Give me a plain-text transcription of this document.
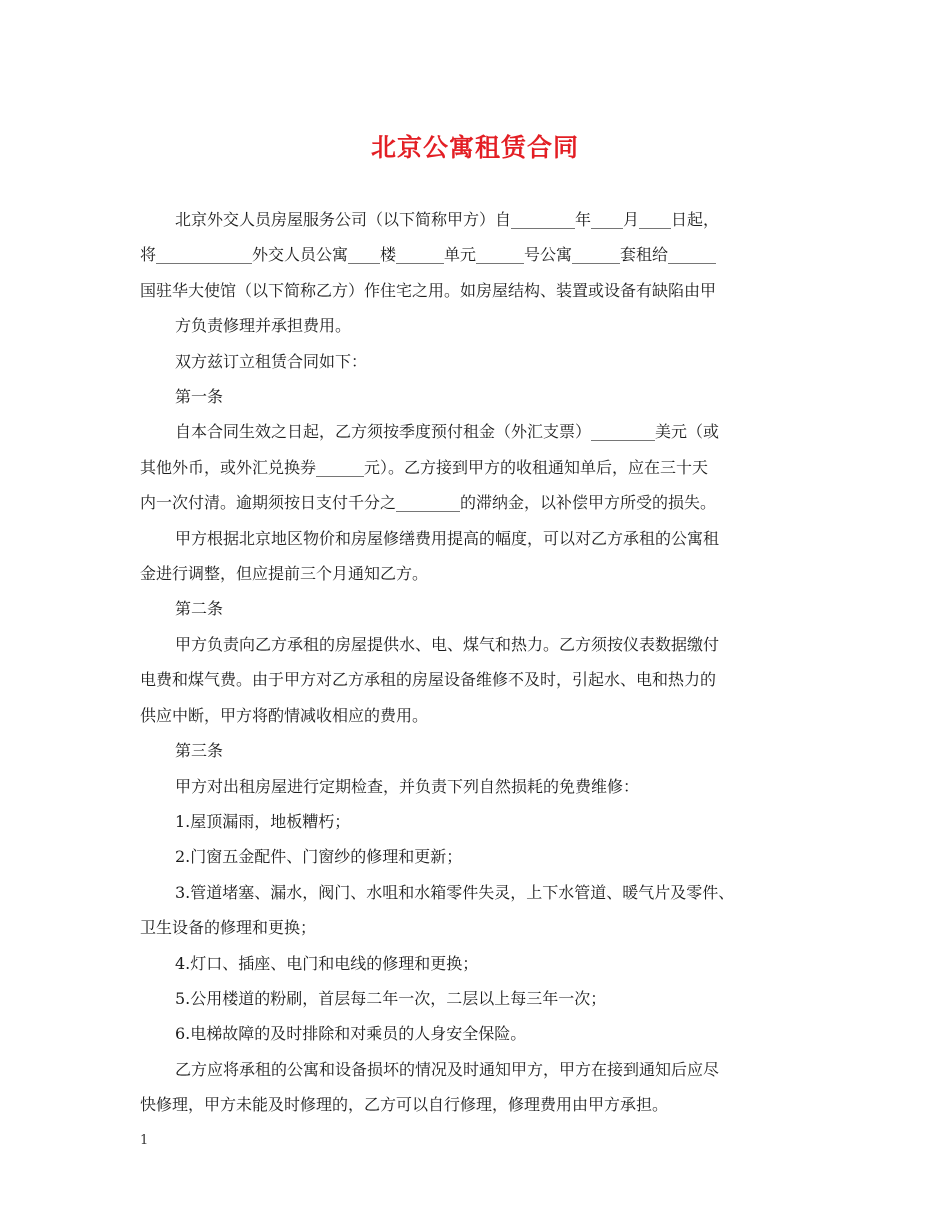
北京公寓租赁合同

北京外交人员房屋服务公司（以下简称甲方）自________年____月____日起，

将____________外交人员公寓____楼______单元______号公寓______套租给______

国驻华大使馆（以下简称乙方）作住宅之用。如房屋结构、装置或设备有缺陷由甲

方负责修理并承担费用。

双方兹订立租赁合同如下：

第一条

自本合同生效之日起，乙方须按季度预付租金（外汇支票）________美元（或

其他外币，或外汇兑换券______元）。乙方接到甲方的收租通知单后，应在三十天

内一次付清。逾期须按日支付千分之________的滞纳金，以补偿甲方所受的损失。

甲方根据北京地区物价和房屋修缮费用提高的幅度，可以对乙方承租的公寓租

金进行调整，但应提前三个月通知乙方。

第二条

甲方负责向乙方承租的房屋提供水、电、煤气和热力。乙方须按仪表数据缴付

电费和煤气费。由于甲方对乙方承租的房屋设备维修不及时，引起水、电和热力的

供应中断，甲方将酌情减收相应的费用。

第三条

甲方对出租房屋进行定期检查，并负责下列自然损耗的免费维修：

1.屋顶漏雨，地板糟朽；

2.门窗五金配件、门窗纱的修理和更新；

3.管道堵塞、漏水，阀门、水咀和水箱零件失灵，上下水管道、暖气片及零件、

卫生设备的修理和更换；

4.灯口、插座、电门和电线的修理和更换；

5.公用楼道的粉刷，首层每二年一次，二层以上每三年一次；

6.电梯故障的及时排除和对乘员的人身安全保险。

乙方应将承租的公寓和设备损坏的情况及时通知甲方，甲方在接到通知后应尽

快修理，甲方未能及时修理的，乙方可以自行修理，修理费用由甲方承担。

1
